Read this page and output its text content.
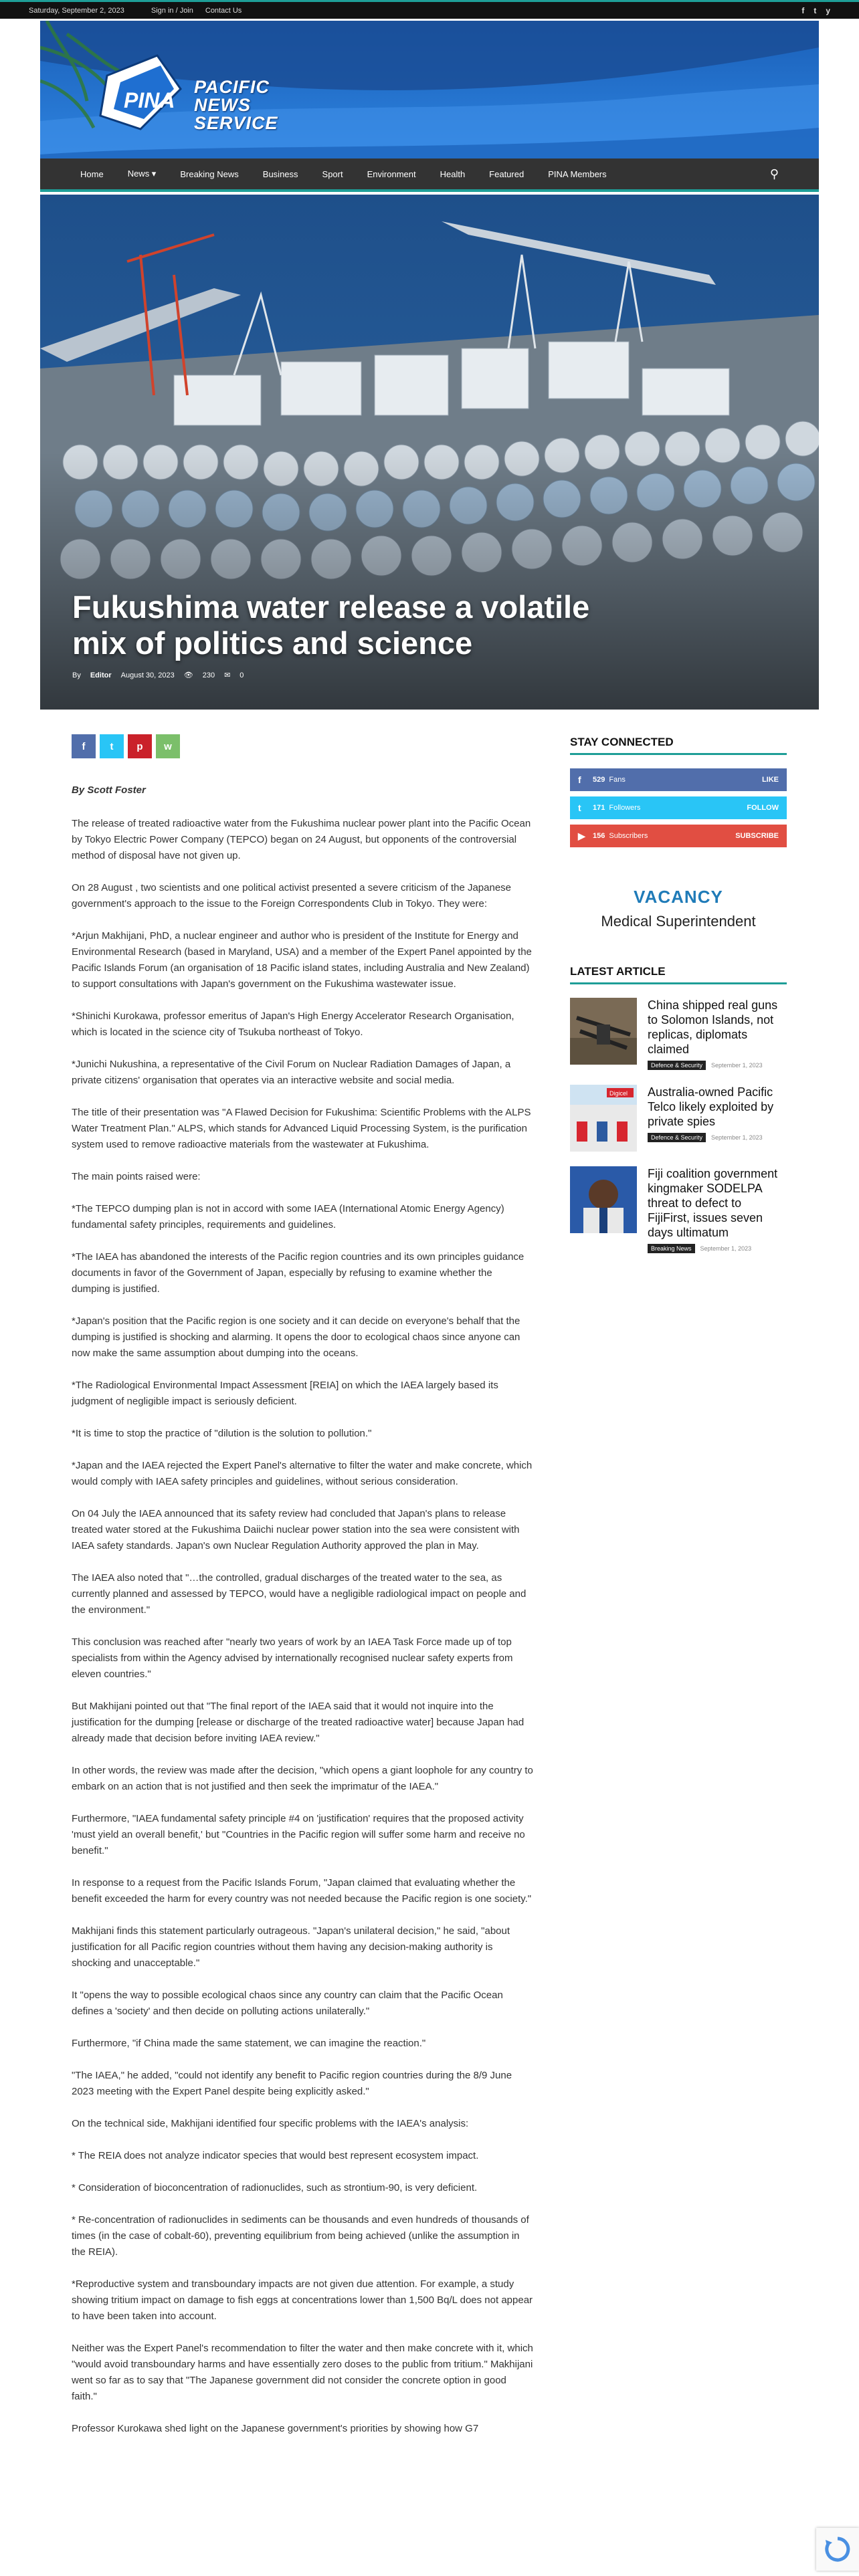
Saturday, September 2, 2023	Sign in / Join Contact Us	f t y
PINA
PACIFIC
NEWS
SERVICE
Home	News ▾	Breaking News	Business	Sport	Environment	Health	Featured	PINA Members	⚲
Fukushima water release a volatile mix of politics and science
By Editor August 30, 2023 👁 230 ✉ 0
f	t	p	w
By Scott Foster

The release of treated radioactive water from the Fukushima nuclear power plant into the Pacific Ocean by Tokyo Electric Power Company (TEPCO) began on 24 August, but opponents of the controversial method of disposal have not given up.

On 28 August , two scientists and one political activist presented a severe criticism of the Japanese government's approach to the issue to the Foreign Correspondents Club in Tokyo. They were:

*Arjun Makhijani, PhD, a nuclear engineer and author who is president of the Institute for Energy and Environmental Research (based in Maryland, USA) and a member of the Expert Panel appointed by the Pacific Islands Forum (an organisation of 18 Pacific island states, including Australia and New Zealand) to support consultations with Japan's government on the Fukushima wastewater issue.

*Shinichi Kurokawa, professor emeritus of Japan's High Energy Accelerator Research Organisation, which is located in the science city of Tsukuba northeast of Tokyo.

*Junichi Nukushina, a representative of the Civil Forum on Nuclear Radiation Damages of Japan, a private citizens' organisation that operates via an interactive website and social media.

The title of their presentation was "A Flawed Decision for Fukushima: Scientific Problems with the ALPS Water Treatment Plan." ALPS, which stands for Advanced Liquid Processing System, is the purification system used to remove radioactive materials from the wastewater at Fukushima.

The main points raised were:

*The TEPCO dumping plan is not in accord with some IAEA (International Atomic Energy Agency) fundamental safety principles, requirements and guidelines.

*The IAEA has abandoned the interests of the Pacific region countries and its own principles guidance documents in favor of the Government of Japan, especially by refusing to examine whether the dumping is justified.

*Japan's position that the Pacific region is one society and it can decide on everyone's behalf that the dumping is justified is shocking and alarming. It opens the door to ecological chaos since anyone can now make the same assumption about dumping into the oceans.

*The Radiological Environmental Impact Assessment [REIA] on which the IAEA largely based its judgment of negligible impact is seriously deficient.

*It is time to stop the practice of "dilution is the solution to pollution."

*Japan and the IAEA rejected the Expert Panel's alternative to filter the water and make concrete, which would comply with IAEA safety principles and guidelines, without serious consideration.

On 04 July the IAEA announced that its safety review had concluded that Japan's plans to release treated water stored at the Fukushima Daiichi nuclear power station into the sea were consistent with IAEA safety standards. Japan's own Nuclear Regulation Authority approved the plan in May.

The IAEA also noted that "…the controlled, gradual discharges of the treated water to the sea, as currently planned and assessed by TEPCO, would have a negligible radiological impact on people and the environment."

This conclusion was reached after "nearly two years of work by an IAEA Task Force made up of top specialists from within the Agency advised by internationally recognised nuclear safety experts from eleven countries."

But Makhijani pointed out that "The final report of the IAEA said that it would not inquire into the justification for the dumping [release or discharge of the treated radioactive water] because Japan had already made that decision before inviting IAEA review."

In other words, the review was made after the decision, "which opens a giant loophole for any country to embark on an action that is not justified and then seek the imprimatur of the IAEA."

Furthermore, "IAEA fundamental safety principle #4 on 'justification' requires that the proposed activity 'must yield an overall benefit,' but "Countries in the Pacific region will suffer some harm and receive no benefit."

In response to a request from the Pacific Islands Forum, "Japan claimed that evaluating whether the benefit exceeded the harm for every country was not needed because the Pacific region is one society."

Makhijani finds this statement particularly outrageous. "Japan's unilateral decision," he said, "about justification for all Pacific region countries without them having any decision-making authority is shocking and unacceptable."

It "opens the way to possible ecological chaos since any country can claim that the Pacific Ocean defines a 'society' and then decide on polluting actions unilaterally."

Furthermore, "if China made the same statement, we can imagine the reaction."

"The IAEA," he added, "could not identify any benefit to Pacific region countries during the 8/9 June 2023 meeting with the Expert Panel despite being explicitly asked."

On the technical side, Makhijani identified four specific problems with the IAEA's analysis:

* The REIA does not analyze indicator species that would best represent ecosystem impact.

* Consideration of bioconcentration of radionuclides, such as strontium-90, is very deficient.

* Re-concentration of radionuclides in sediments can be thousands and even hundreds of thousands of times (in the case of cobalt-60), preventing equilibrium from being achieved (unlike the assumption in the REIA).

*Reproductive system and transboundary impacts are not given due attention. For example, a study showing tritium impact on damage to fish eggs at concentrations lower than 1,500 Bq/L does not appear to have been taken into account.

Neither was the Expert Panel's recommendation to filter the water and then make concrete with it, which "would avoid transboundary harms and have essentially zero doses to the public from tritium." Makhijani went so far as to say that "The Japanese government did not consider the concrete option in good faith."

Professor Kurokawa shed light on the Japanese government's priorities by showing how G7

STAY CONNECTED
f	529 Fans	LIKE
t	171 Followers	FOLLOW
▶	156 Subscribers	SUBSCRIBE
VACANCY
Medical Superintendent
LATEST ARTICLE
China shipped real guns to Solomon Islands, not replicas, diplomats claimed
Defence & Security	September 1, 2023
Digicel Australia-owned Pacific Telco likely exploited by private spies
Defence & Security	September 1, 2023
Fiji coalition government kingmaker SODELPA threat to defect to FijiFirst, issues seven days ultimatum
Breaking News	September 1, 2023
